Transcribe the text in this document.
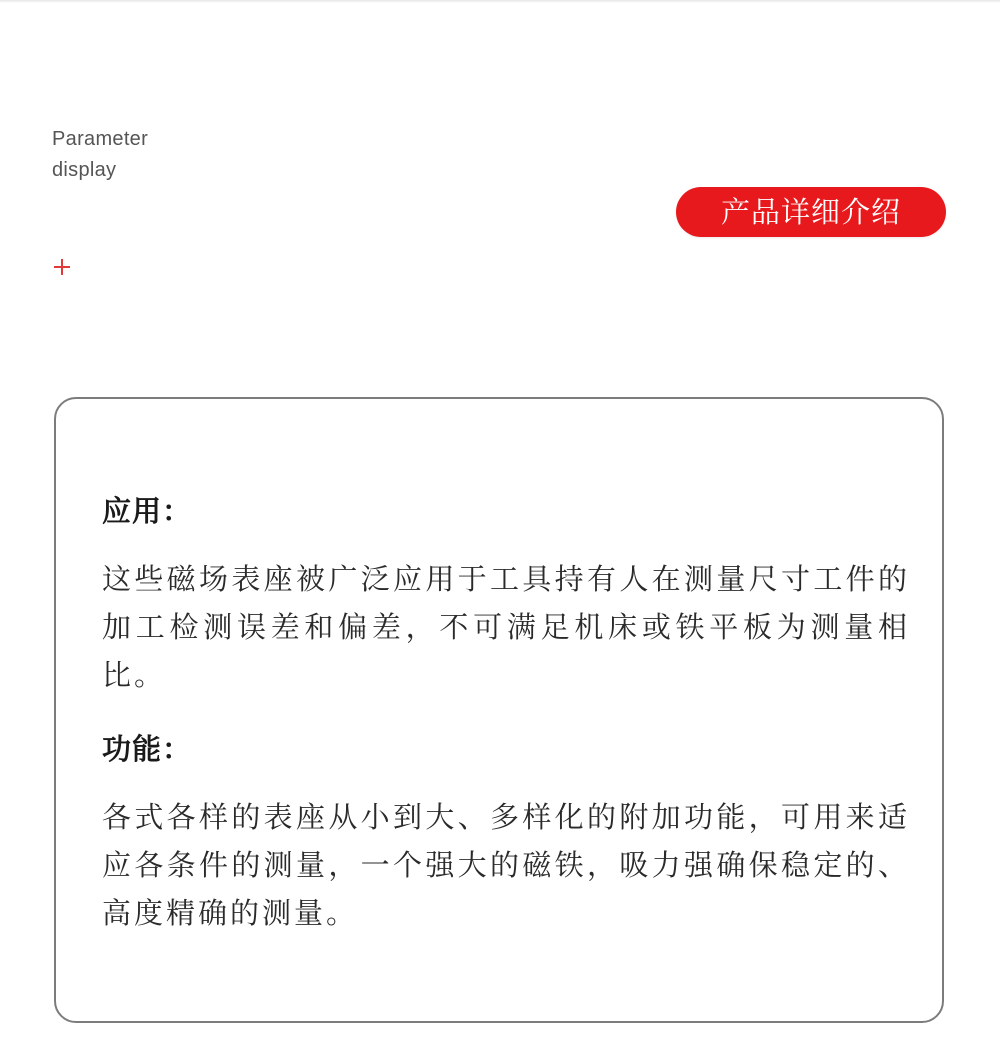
Parameter
display
产品详细介绍
应用：
这些磁场表座被广泛应用于工具持有人在测量尺寸工件的加工检测误差和偏差，不可满足机床或铁平板为测量相比。
功能：
各式各样的表座从小到大、多样化的附加功能，可用来适应各条件的测量，一个强大的磁铁，吸力强确保稳定的、高度精确的测量。
